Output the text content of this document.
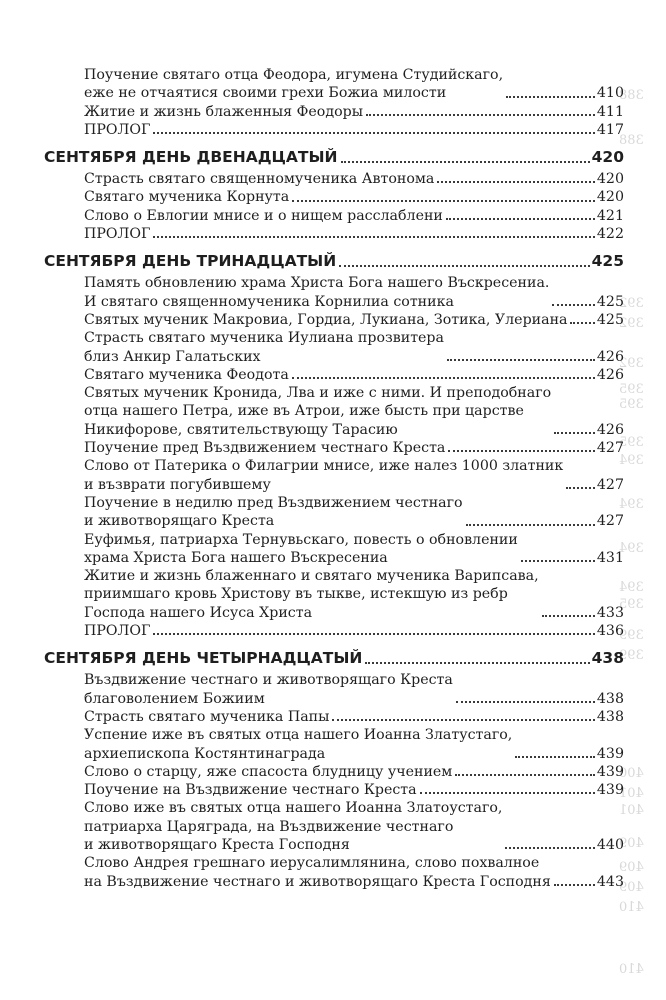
388
388
392
392
392
395
395
395
394
394
394
394
395
399
399
400
401
401
409
409
409
410
410
Поучение святаго отца Феодора, игумена Студийскаго,
еже не отчаятися своими грехи Божиа милости	410
Житие и жизнь блаженныя Феодоры	411
ПРОЛОГ	417
СЕНТЯБРЯ ДЕНЬ ДВЕНАДЦАТЫЙ	420
Страсть святаго священномученика Автонома	420
Святаго мученика Корнута	420
Слово о Евлогии мнисе и о нищем расслаблени	421
ПРОЛОГ	422
СЕНТЯБРЯ ДЕНЬ ТРИНАДЦАТЫЙ	425
Память обновлению храма Христа Бога нашего Въскресениа.
И святаго священномученика Корнилиа сотника	425
Святых мученик Макровиа, Гордиа, Лукиана, Зотика, Улериана 425
Страсть святаго мученика Иулиана прозвитера
близ Анкир Галатьских	426
Святаго мученика Феодота	426
Святых мученик Кронида, Лва и иже с ними. И преподобнаго
отца нашего Петра, иже въ Атрои, иже бысть при царстве
Никифорове, святительствующу Тарасию	426
Поучение пред Въздвижением честнаго Креста	427
Слово от Патерика о Филагрии мнисе, иже налез 1000 златник
и възврати погубившему	427
Поучение в недилю пред Въздвижением честнаго
и животворящаго Креста	427
Еуфимья, патриарха Тернувьскаго, повесть о обновлении
храма Христа Бога нашего Въскресениа	431
Житие и жизнь блаженнаго и святаго мученика Варипсава,
приимшаго кровь Христову въ тыкве, истекшую из ребр
Господа нашего Исуса Христа	433
ПРОЛОГ	436
СЕНТЯБРЯ ДЕНЬ ЧЕТЫРНАДЦАТЫЙ	438
Въздвижение честнаго и животворящаго Креста
благоволением Божиим	438
Страсть святаго мученика Папы	438
Успение иже въ святых отца нашего Иоанна Златустаго,
архиепископа Костянтинаграда	439
Слово о старцу, яже спасоста блудницу учением	439
Поучение на Въздвижение честнаго Креста	439
Слово иже въ святых отца нашего Иоанна Златоустаго,
патриарха Царяграда, на Въздвижение честнаго
и животворящаго Креста Господня	440
Слово Андрея грешнаго иерусалимлянина, слово похвалное
на Въздвижение честнаго и животворящаго Креста Господня	443
